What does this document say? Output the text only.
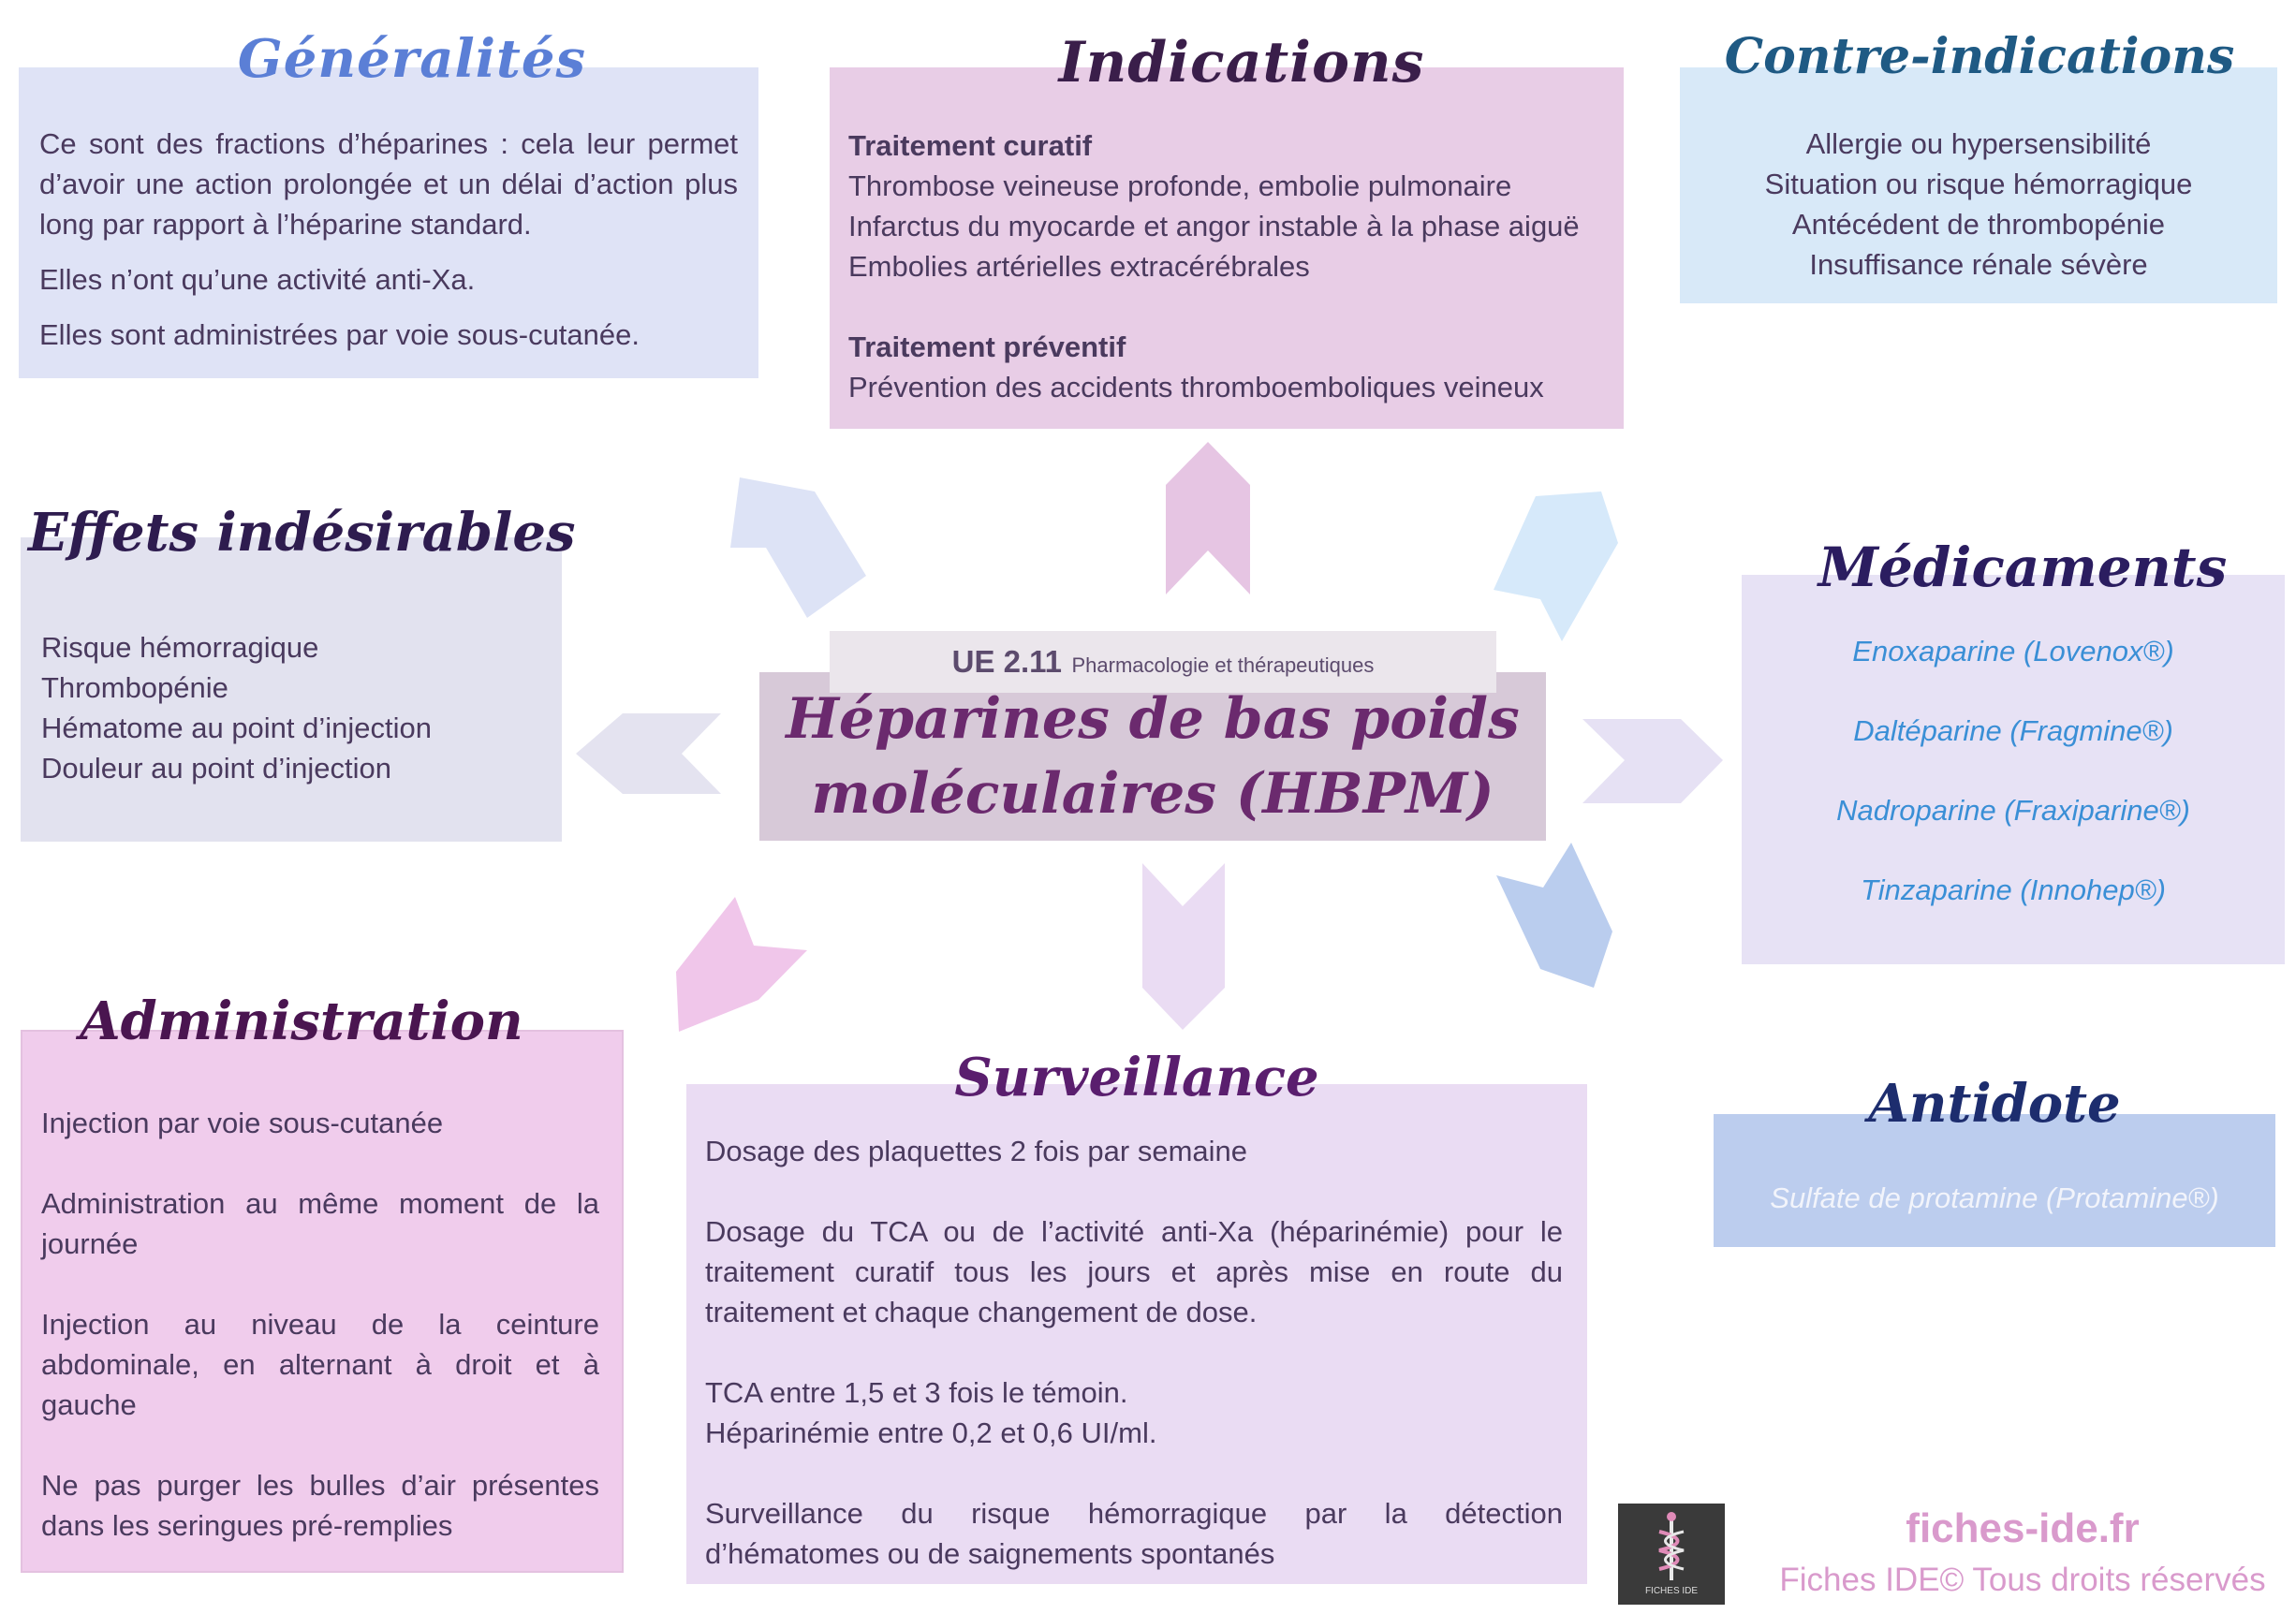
Ce sont des fractions d’héparines : cela leur permet d’avoir une action prolongée et un délai d’action plus long par rapport à l’héparine standard.

Elles n’ont qu’une activité anti-Xa.

Elles sont administrées par voie sous-cutanée.

Généralités

Traitement curatif

Thrombose veineuse profonde, embolie pulmonaire

Infarctus du myocarde et angor instable à la phase aiguë

Embolies artérielles extracérébrales

Traitement préventif

Prévention des accidents thromboemboliques veineux

Indications

Allergie ou hypersensibilité

Situation ou risque hémorragique

Antécédent de thrombopénie

Insuffisance rénale sévère

Contre-indications

Risque hémorragique

Thrombopénie

Hématome au point d’injection

Douleur au point d’injection

Effets indésirables
UE 2.11 Pharmacologie et thérapeutiques
Héparines de bas poids
moléculaires (HBPM)

Enoxaparine (Lovenox®)

Daltéparine (Fragmine®)

Nadroparine (Fraxiparine®)

Tinzaparine (Innohep®)

Médicaments

Injection par voie sous-cutanée

Administration au même moment de la journée

Injection au niveau de la ceinture abdominale, en alternant à droit et à gauche

Ne pas purger les bulles d’air présentes dans les seringues pré-remplies

Administration

Dosage des plaquettes 2 fois par semaine

Dosage du TCA ou de l’activité anti-Xa (héparinémie) pour le traitement curatif tous les jours et après mise en route du traitement et chaque changement de dose.

TCA entre 1,5 et 3 fois le témoin.

Héparinémie entre 0,2 et 0,6 UI/ml.

Surveillance du risque hémorragique par la détection d’hématomes ou de saignements spontanés

Surveillance

Sulfate de protamine (Protamine®)

Antidote
FICHES IDE
fiches-ide.fr
Fiches IDE© Tous droits réservés
